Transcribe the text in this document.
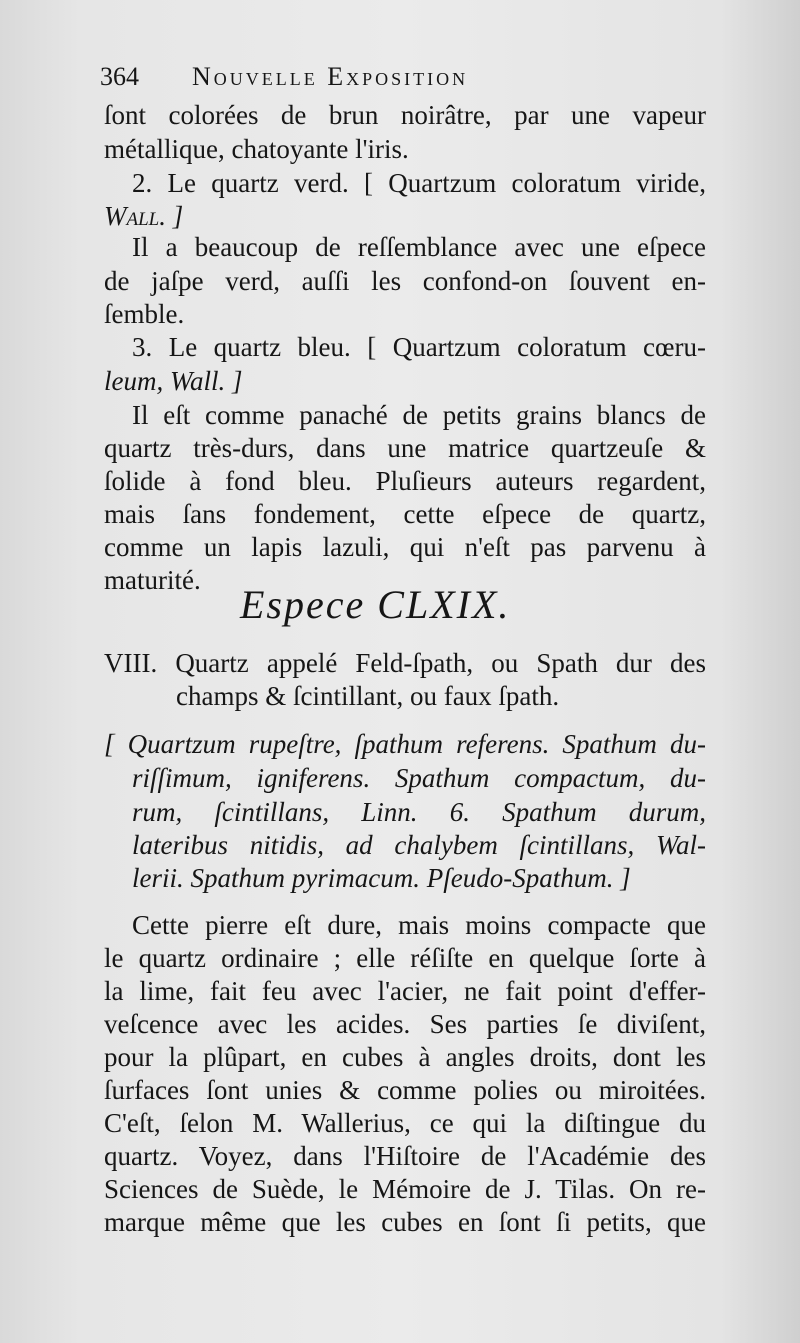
364 Nouvelle Exposition
ſont colorées de brun noirâtre, par une vapeur
métallique, chatoyante l'iris.
2. Le quartz verd. [ Quartzum coloratum viride,
Wall. ]
Il a beaucoup de reſſemblance avec une eſpece
de jaſpe verd, auſſi les confond-on ſouvent en-
ſemble.
3. Le quartz bleu. [ Quartzum coloratum cœru-
leum, Wall. ]
Il eſt comme panaché de petits grains blancs de
quartz très-durs, dans une matrice quartzeuſe &
ſolide à fond bleu. Pluſieurs auteurs regardent,
mais ſans fondement, cette eſpece de quartz,
comme un lapis lazuli, qui n'eſt pas parvenu à
maturité.
Espece CLXIX.
VIII. Quartz appelé Feld-ſpath, ou Spath dur des
champs & ſcintillant, ou faux ſpath.
[ Quartzum rupeſtre, ſpathum referens. Spathum du-
riſſimum, igniferens. Spathum compactum, du-
rum, ſcintillans, Linn. 6. Spathum durum,
lateribus nitidis, ad chalybem ſcintillans, Wal-
lerii. Spathum pyrimacum. Pſeudo-Spathum. ]
Cette pierre eſt dure, mais moins compacte que
le quartz ordinaire ; elle réſiſte en quelque ſorte à
la lime, fait feu avec l'acier, ne fait point d'effer-
veſcence avec les acides. Ses parties ſe diviſent,
pour la plûpart, en cubes à angles droits, dont les
ſurfaces ſont unies & comme polies ou miroitées.
C'eſt, ſelon M. Wallerius, ce qui la diſtingue du
quartz. Voyez, dans l'Hiſtoire de l'Académie des
Sciences de Suède, le Mémoire de J. Tilas. On re-
marque même que les cubes en ſont ſi petits, que
